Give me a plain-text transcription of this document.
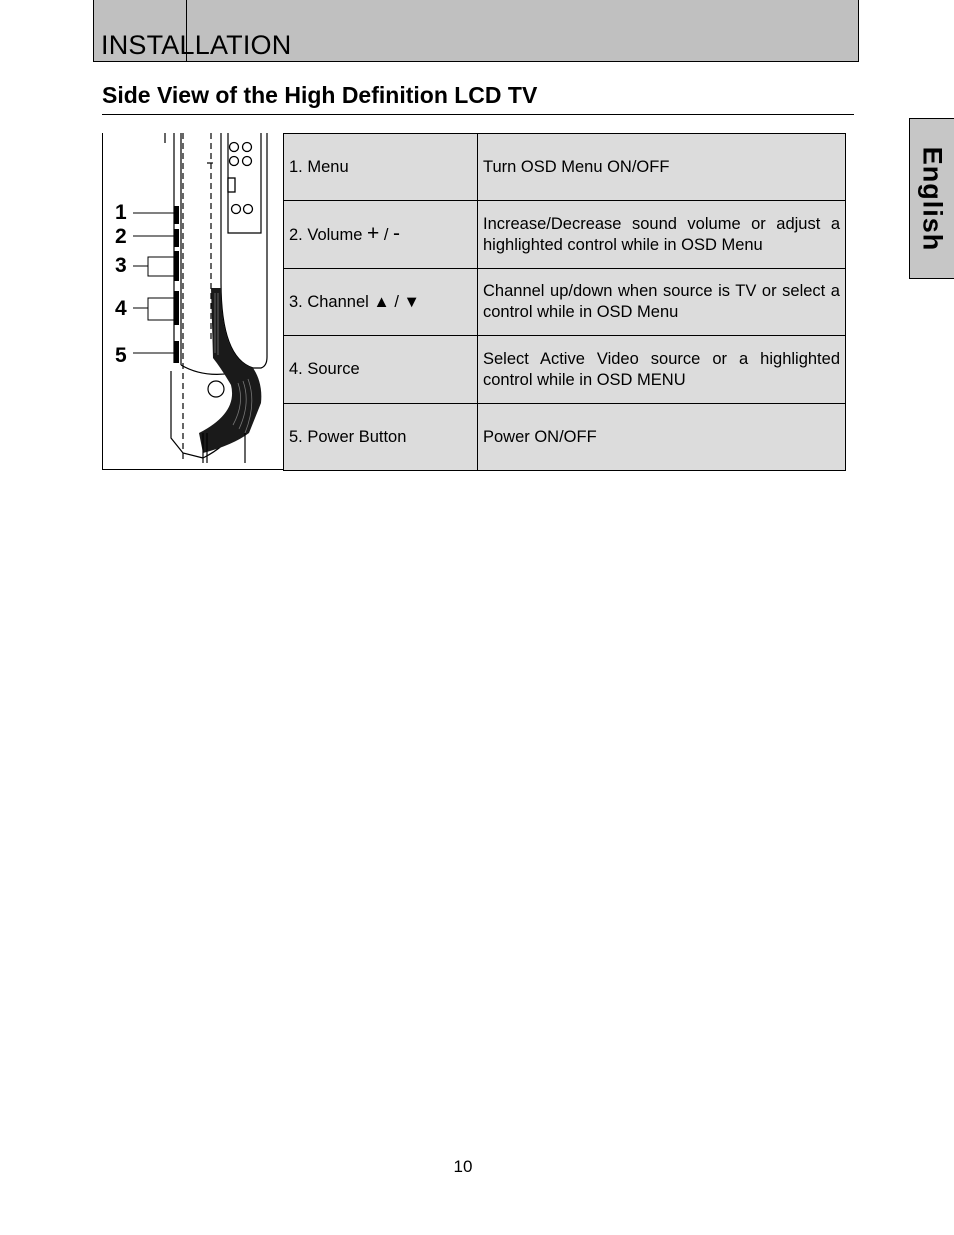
INSTALLATION
Side View of the High Definition LCD TV
English
1
2
3
4
5
1. Menu	Turn OSD Menu ON/OFF
2. Volume + / -	Increase/Decrease sound volume or adjust a highlighted control while in OSD Menu
3. Channel ▲ / ▼	Channel up/down when source is TV or select a control while in OSD Menu
4. Source	Select Active Video source or a highlighted control while in OSD MENU
5. Power Button	Power ON/OFF
10
